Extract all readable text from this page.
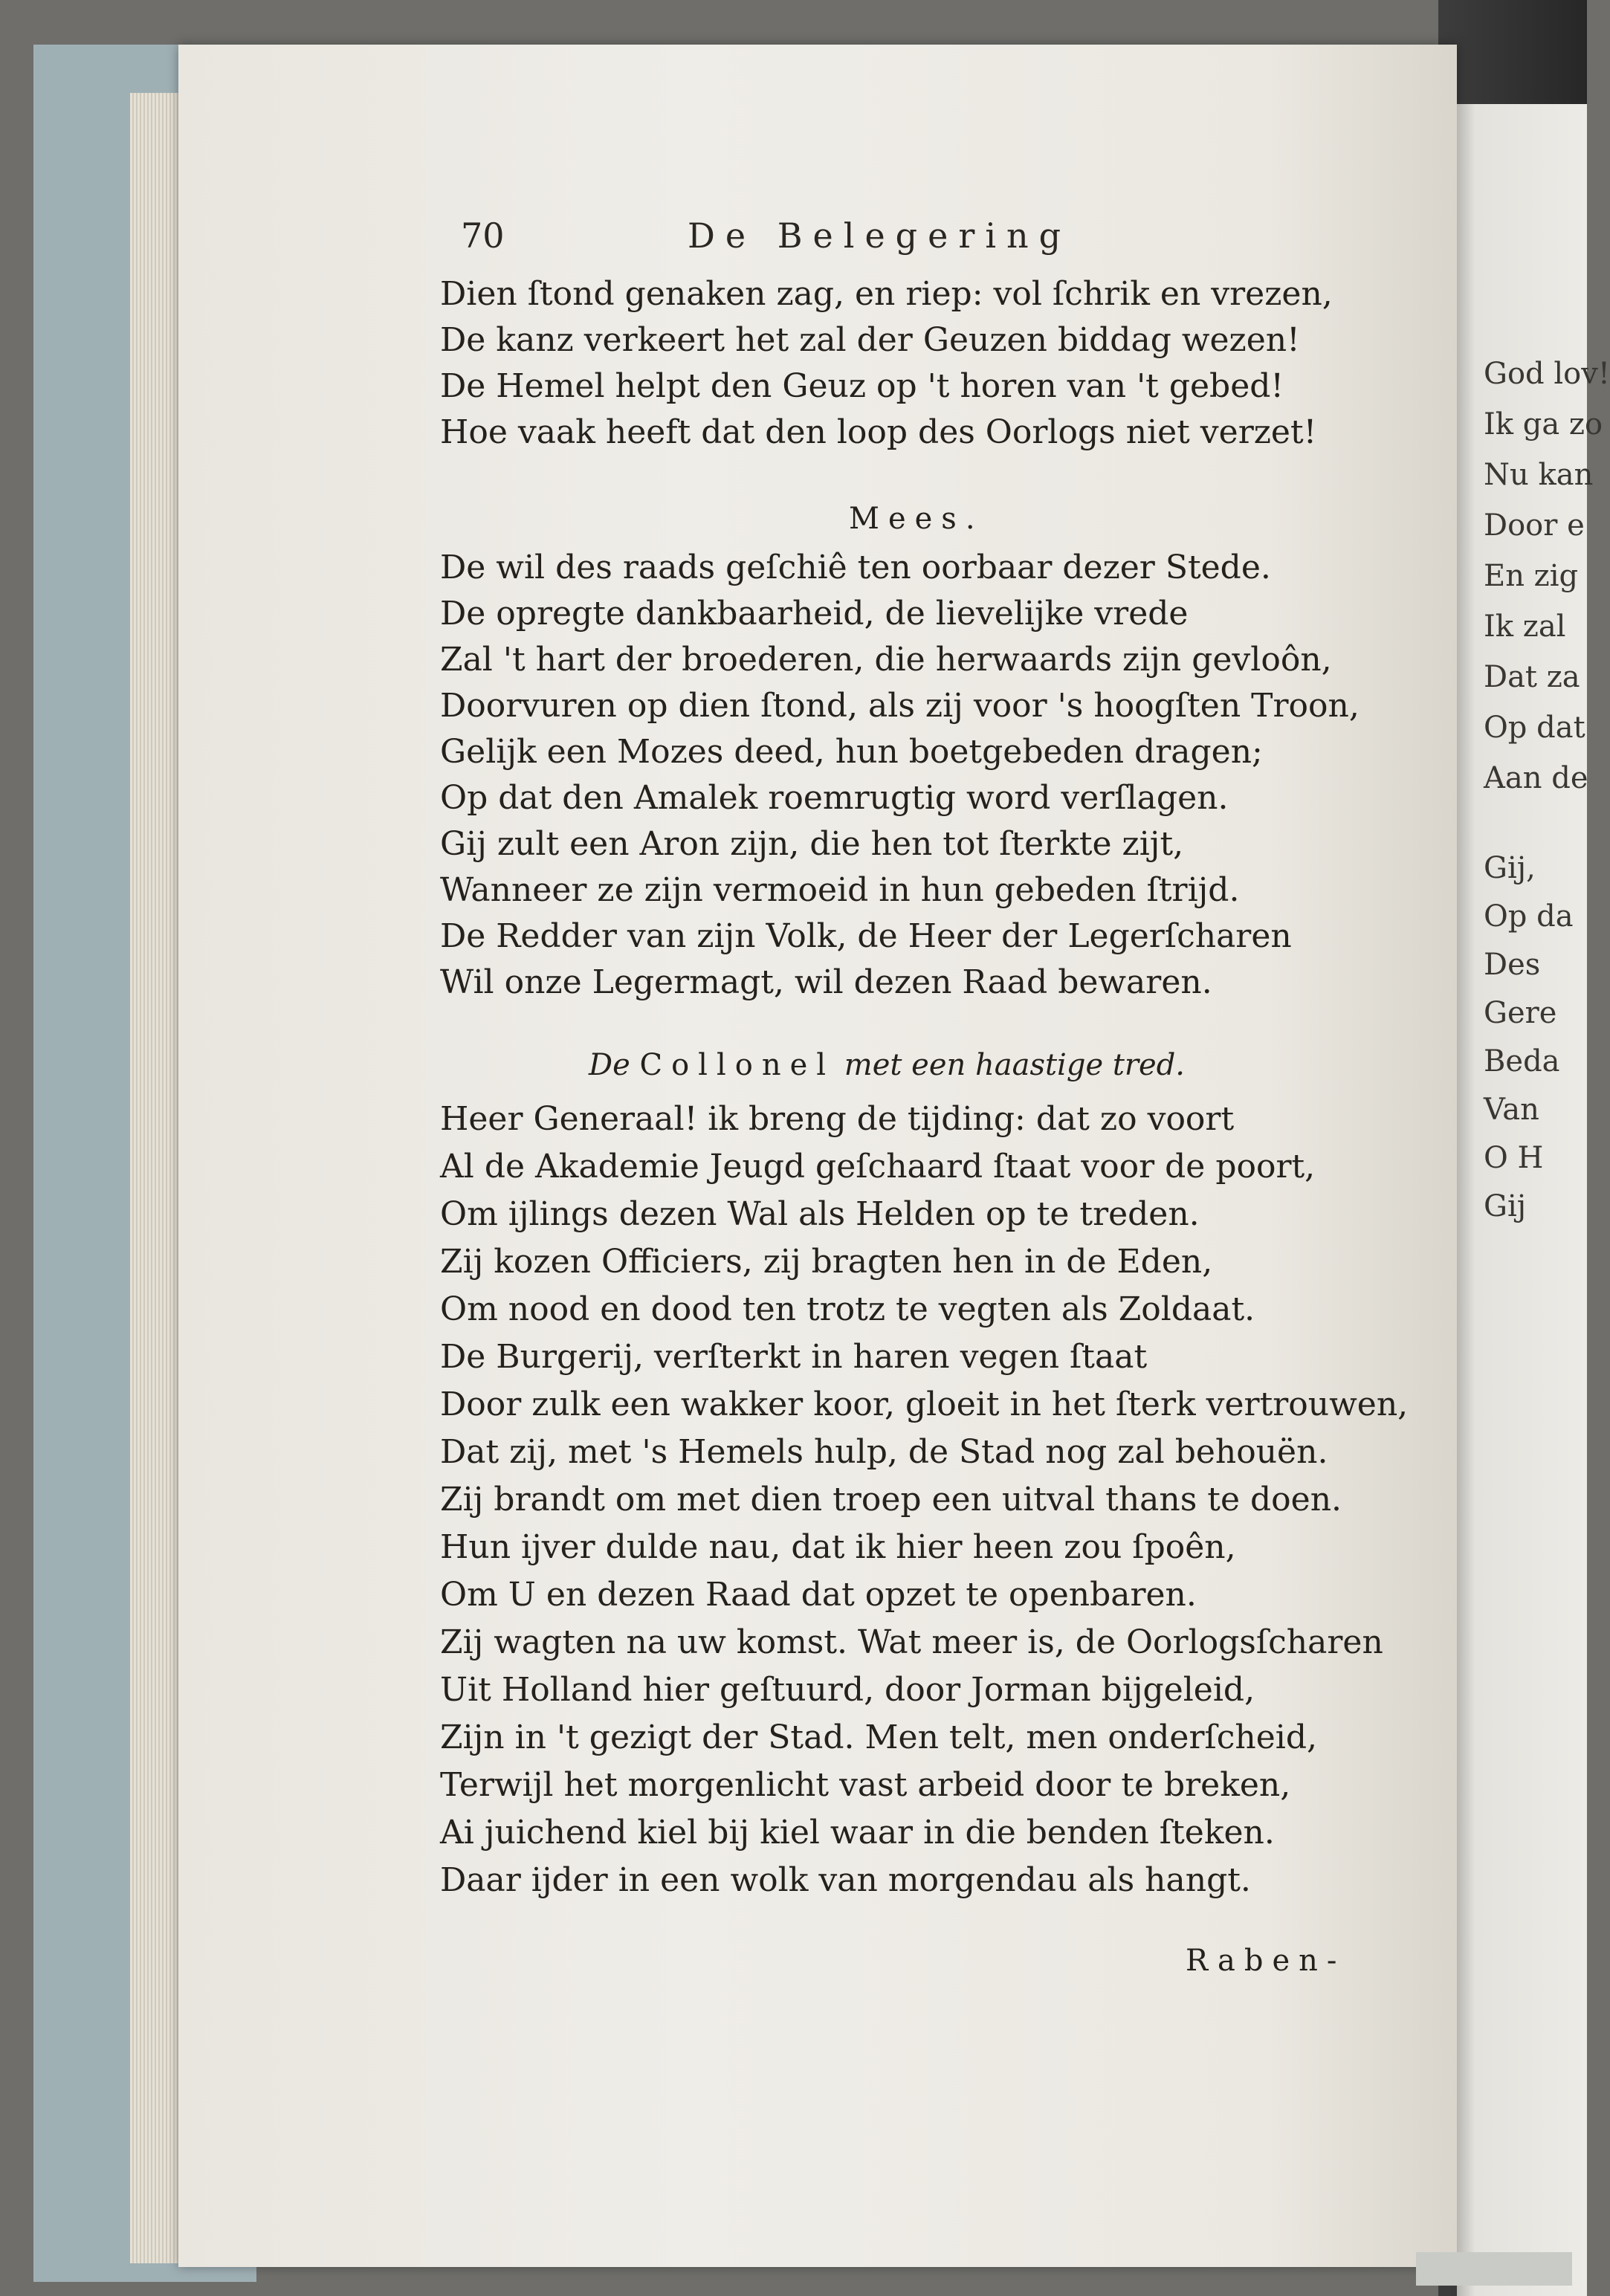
70	De Belegering
Dien ſtond genaken zag, en riep: vol ſchrik en vrezen,
De kanz verkeert het zal der Geuzen biddag wezen!
De Hemel helpt den Geuz op 't horen van 't gebed!
Hoe vaak heeft dat den loop des Oorlogs niet verzet!
Mees.
De wil des raads geſchiê ten oorbaar dezer Stede.
De opregte dankbaarheid, de lievelijke vrede
Zal 't hart der broederen, die herwaards zijn gevloôn,
Doorvuren op dien ſtond, als zij voor 's hoogſten Troon,
Gelijk een Mozes deed, hun boetgebeden dragen;
Op dat den Amalek roemrugtig word verſlagen.
Gij zult een Aron zijn, die hen tot ſterkte zijt,
Wanneer ze zijn vermoeid in hun gebeden ſtrijd.
De Redder van zijn Volk, de Heer der Legerſcharen
Wil onze Legermagt, wil dezen Raad bewaren.
De Collonel met een haastige tred.
Heer Generaal! ik breng de tijding: dat zo voort
Al de Akademie Jeugd geſchaard ſtaat voor de poort,
Om ijlings dezen Wal als Helden op te treden.
Zij kozen Officiers, zij bragten hen in de Eden,
Om nood en dood ten trotz te vegten als Zoldaat.
De Burgerij, verſterkt in haren vegen ſtaat
Door zulk een wakker koor, gloeit in het ſterk vertrouwen,
Dat zij, met 's Hemels hulp, de Stad nog zal behouën.
Zij brandt om met dien troep een uitval thans te doen.
Hun ijver dulde nau, dat ik hier heen zou ſpoên,
Om U en dezen Raad dat opzet te openbaren.
Zij wagten na uw komst. Wat meer is, de Oorlogsſcharen
Uit Holland hier geſtuurd, door Jorman bijgeleid,
Zijn in 't gezigt der Stad. Men telt, men onderſcheid,
Terwijl het morgenlicht vast arbeid door te breken,
Ai juichend kiel bij kiel waar in die benden ſteken.
Daar ijder in een wolk van morgendau als hangt.
Raben-
God lov!
Ik ga zo
Nu kan
Door e
En zig
Ik zal
Dat za
Op dat
Aan de
Gij,
Op da
Des
Gere
Beda
Van
O H
Gij
